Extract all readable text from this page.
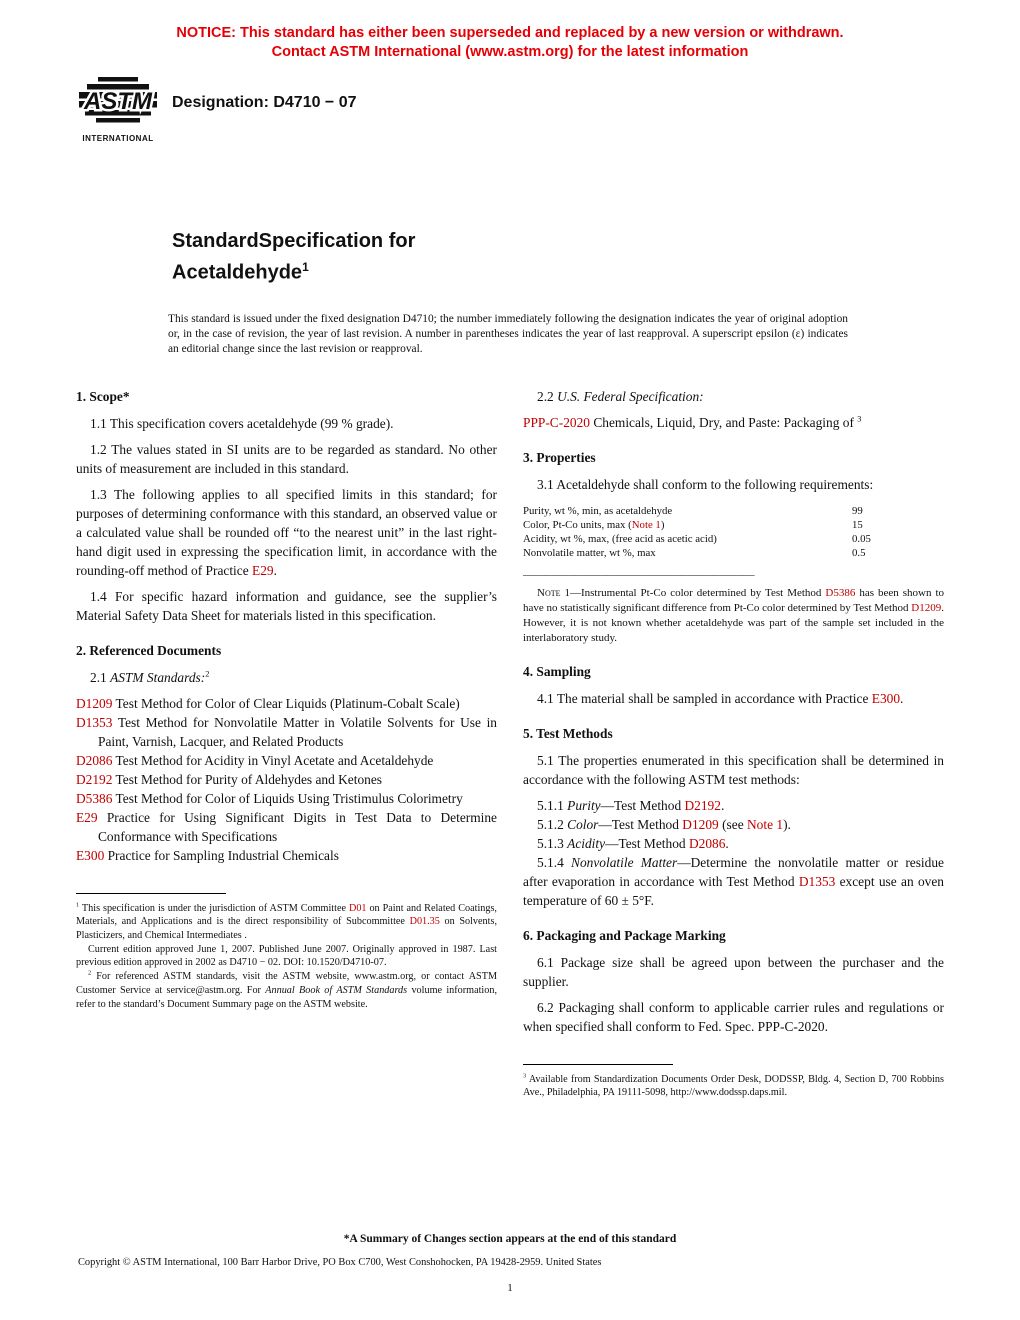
NOTICE: This standard has either been superseded and replaced by a new version or withdrawn.
Contact ASTM International (www.astm.org) for the latest information
ASTM
INTERNATIONAL
Designation: D4710 − 07
StandardSpecification for
Acetaldehyde$^1$
This standard is issued under the fixed designation D4710; the number immediately following the designation indicates the year of original adoption or, in the case of revision, the year of last revision. A number in parentheses indicates the year of last reapproval. A superscript epsilon (ε) indicates an editorial change since the last revision or reapproval.
1. Scope*

1.1 This specification covers acetaldehyde (99 % grade).

1.2 The values stated in SI units are to be regarded as standard. No other units of measurement are included in this standard.

1.3 The following applies to all specified limits in this standard; for purposes of determining conformance with this standard, an observed value or a calculated value shall be rounded off “to the nearest unit” in the last right-hand digit used in expressing the specification limit, in accordance with the rounding-off method of Practice E29.

1.4 For specific hazard information and guidance, see the supplier’s Material Safety Data Sheet for materials listed in this specification.

2. Referenced Documents

2.1 ASTM Standards:$^2$

D1209 Test Method for Color of Clear Liquids (Platinum-Cobalt Scale)

D1353 Test Method for Nonvolatile Matter in Volatile Solvents for Use in Paint, Varnish, Lacquer, and Related Products

D2086 Test Method for Acidity in Vinyl Acetate and Acetaldehyde

D2192 Test Method for Purity of Aldehydes and Ketones

D5386 Test Method for Color of Liquids Using Tristimulus Colorimetry

E29 Practice for Using Significant Digits in Test Data to Determine Conformance with Specifications

E300 Practice for Sampling Industrial Chemicals

$^1$ This specification is under the jurisdiction of ASTM Committee D01 on Paint and Related Coatings, Materials, and Applications and is the direct responsibility of Subcommittee D01.35 on Solvents, Plasticizers, and Chemical Intermediates .

Current edition approved June 1, 2007. Published June 2007. Originally approved in 1987. Last previous edition approved in 2002 as D4710 − 02. DOI: 10.1520/D4710-07.

$^2$ For referenced ASTM standards, visit the ASTM website, www.astm.org, or contact ASTM Customer Service at service@astm.org. For Annual Book of ASTM Standards volume information, refer to the standard’s Document Summary page on the ASTM website.

2.2 U.S. Federal Specification:

PPP-C-2020 Chemicals, Liquid, Dry, and Paste: Packaging of $^3$

3. Properties

3.1 Acetaldehyde shall conform to the following requirements:

Purity, wt %, min, as acetaldehyde	99
Color, Pt-Co units, max (Note 1)	15
Acidity, wt %, max, (free acid as acetic acid)	0.05
Nonvolatile matter, wt %, max	0.5
——————————————————————

Note 1—Instrumental Pt-Co color determined by Test Method D5386 has been shown to have no statistically significant difference from Pt-Co color determined by Test Method D1209. However, it is not known whether acetaldehyde was part of the sample set included in the interlaboratory study.

4. Sampling

4.1 The material shall be sampled in accordance with Practice E300.

5. Test Methods

5.1 The properties enumerated in this specification shall be determined in accordance with the following ASTM test methods:

5.1.1 Purity—Test Method D2192.

5.1.2 Color—Test Method D1209 (see Note 1).

5.1.3 Acidity—Test Method D2086.

5.1.4 Nonvolatile Matter—Determine the nonvolatile matter or residue after evaporation in accordance with Test Method D1353 except use an oven temperature of 60 ± 5°F.

6. Packaging and Package Marking

6.1 Package size shall be agreed upon between the purchaser and the supplier.

6.2 Packaging shall conform to applicable carrier rules and regulations or when specified shall conform to Fed. Spec. PPP-C-2020.

$^3$ Available from Standardization Documents Order Desk, DODSSP, Bldg. 4, Section D, 700 Robbins Ave., Philadelphia, PA 19111-5098, http://www.dodssp.daps.mil.

*A Summary of Changes section appears at the end of this standard
Copyright © ASTM International, 100 Barr Harbor Drive, PO Box C700, West Conshohocken, PA 19428-2959. United States
1
